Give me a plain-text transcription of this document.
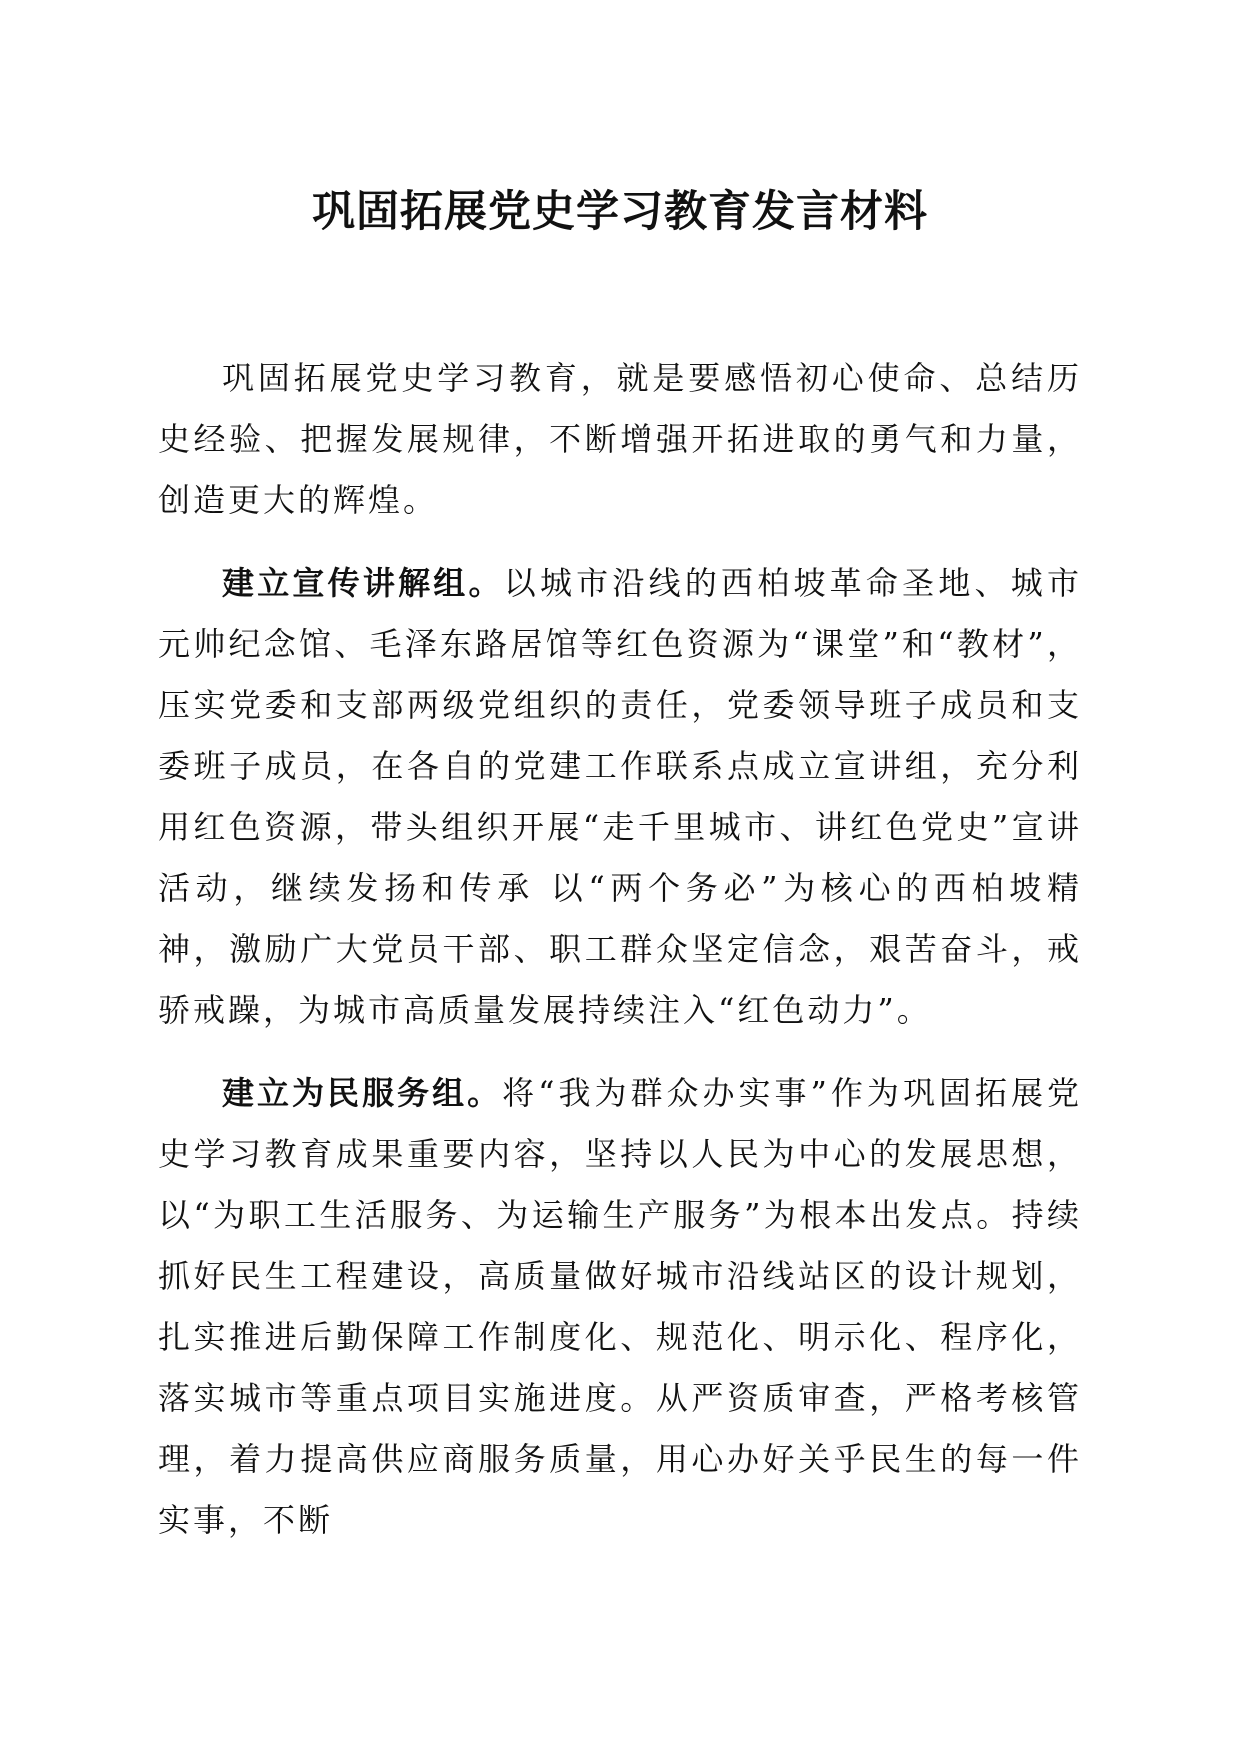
巩固拓展党史学习教育发言材料

巩固拓展党史学习教育，就是要感悟初心使命、总结历史经验、把握发展规律，不断增强开拓进取的勇气和力量，创造更大的辉煌。

建立宣传讲解组。以城市沿线的西柏坡革命圣地、城市元帅纪念馆、毛泽东路居馆等红色资源为“课堂”和“教材”，压实党委和支部两级党组织的责任，党委领导班子成员和支委班子成员，在各自的党建工作联系点成立宣讲组，充分利用红色资源，带头组织开展“走千里城市、讲红色党史”宣讲活动，继续发扬和传承 以“两个务必”为核心的西柏坡精神，激励广大党员干部、职工群众坚定信念，艰苦奋斗，戒骄戒躁，为城市高质量发展持续注入“红色动力”。

建立为民服务组。将“我为群众办实事”作为巩固拓展党史学习教育成果重要内容，坚持以人民为中心的发展思想，以“为职工生活服务、为运输生产服务”为根本出发点。持续抓好民生工程建设，高质量做好城市沿线站区的设计规划，扎实推进后勤保障工作制度化、规范化、明示化、程序化，落实城市等重点项目实施进度。从严资质审查，严格考核管理，着力提高供应商服务质量，用心办好关乎民生的每一件实事，不断
